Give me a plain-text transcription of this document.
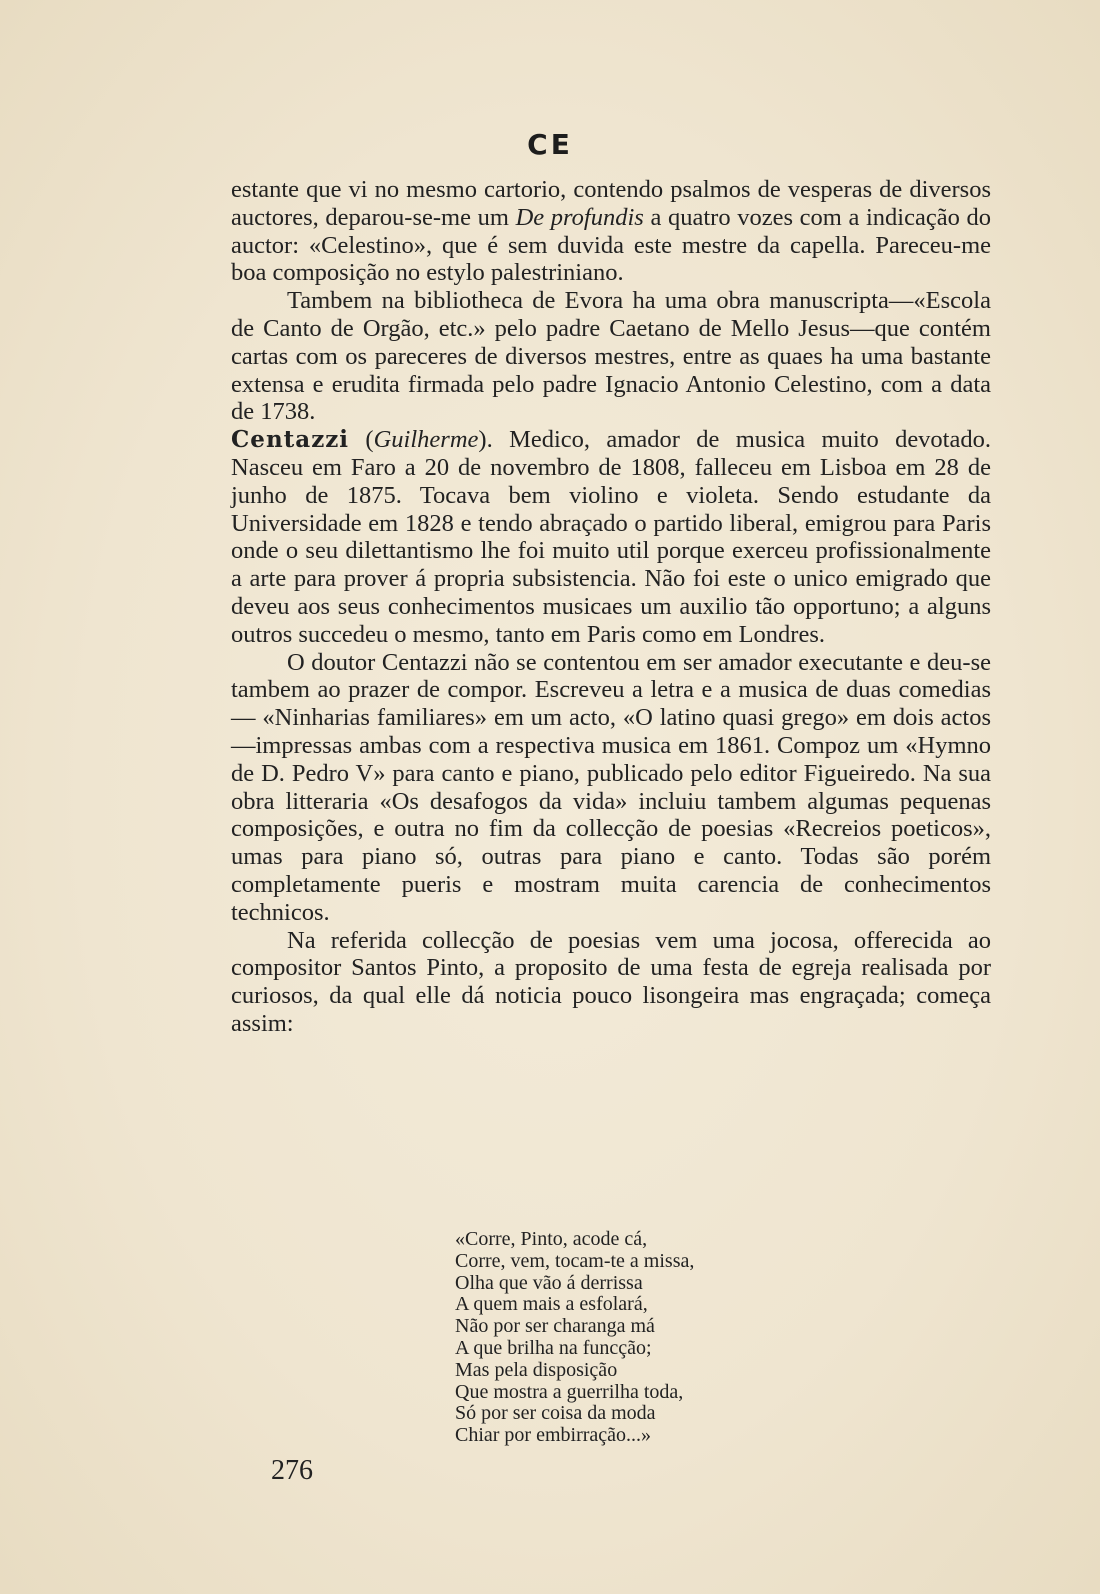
CE

estante que vi no mesmo cartorio, contendo psalmos de vesperas de diversos auctores, deparou-se-me um De profundis a quatro vozes com a indicação do auctor: «Celestino», que é sem duvida este mestre da capella. Pareceu-me boa composição no estylo palestriniano.

Tambem na bibliotheca de Evora ha uma obra manuscripta—«Escola de Canto de Orgão, etc.» pelo padre Caetano de Mello Jesus—que contém cartas com os pareceres de diversos mestres, entre as quaes ha uma bastante extensa e erudita firmada pelo padre Ignacio Antonio Celestino, com a data de 1738.

Centazzi (Guilherme). Medico, amador de musica muito devotado. Nasceu em Faro a 20 de novembro de 1808, falleceu em Lisboa em 28 de junho de 1875. Tocava bem violino e violeta. Sendo estudante da Universidade em 1828 e tendo abraçado o partido liberal, emigrou para Paris onde o seu dilettantismo lhe foi muito util porque exerceu profissionalmente a arte para prover á propria subsistencia. Não foi este o unico emigrado que deveu aos seus conhecimentos musicaes um auxilio tão opportuno; a alguns outros succedeu o mesmo, tanto em Paris como em Londres.

O doutor Centazzi não se contentou em ser amador executante e deu-se tambem ao prazer de compor. Escreveu a letra e a musica de duas comedias— «Ninharias familiares» em um acto, «O latino quasi grego» em dois actos—impressas ambas com a respectiva musica em 1861. Compoz um «Hymno de D. Pedro V» para canto e piano, publicado pelo editor Figueiredo. Na sua obra litteraria «Os desafogos da vida» incluiu tambem algumas pequenas composições, e outra no fim da collecção de poesias «Recreios poeticos», umas para piano só, outras para piano e canto. Todas são porém completamente pueris e mostram muita carencia de conhecimentos technicos.

Na referida collecção de poesias vem uma jocosa, offerecida ao compositor Santos Pinto, a proposito de uma festa de egreja realisada por curiosos, da qual elle dá noticia pouco lisongeira mas engraçada; começa assim:

«Corre, Pinto, acode cá,
Corre, vem, tocam-te a missa,
Olha que vão á derrissa
A quem mais a esfolará,
Não por ser charanga má
A que brilha na funcção;
Mas pela disposição
Que mostra a guerrilha toda,
Só por ser coisa da moda
Chiar por embirração...»
276
